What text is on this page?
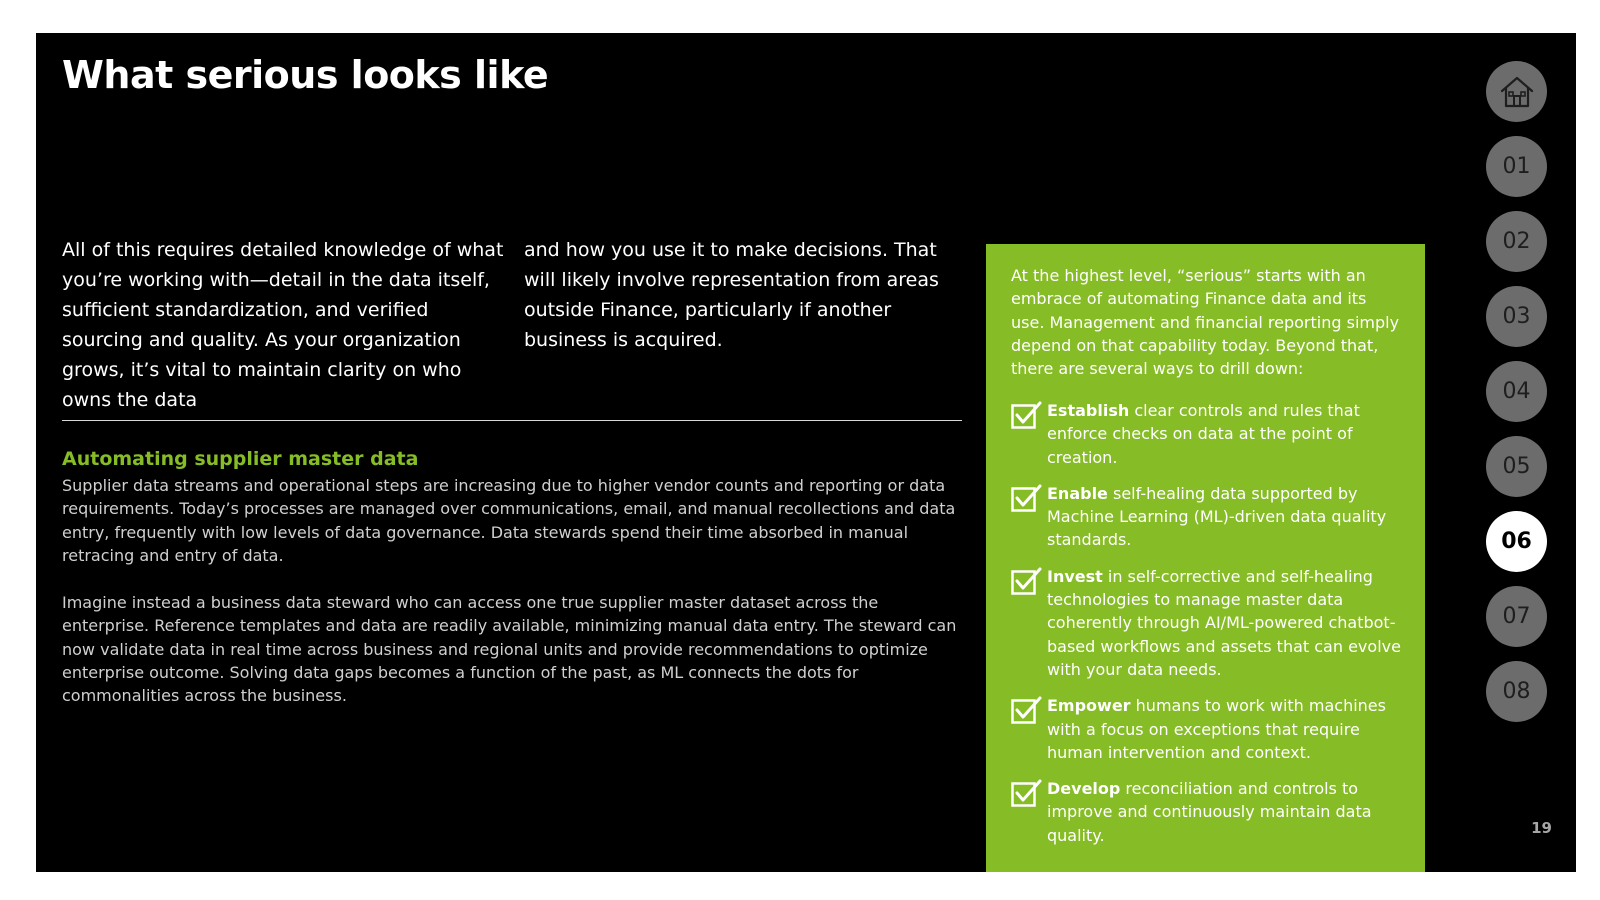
What serious looks like

All of this requires detailed knowledge of what you’re working with—detail in the data itself, sufficient standardization, and verified sourcing and quality. As your organization grows, it’s vital to maintain clarity on who owns the data

and how you use it to make decisions. That will likely involve representation from areas outside Finance, particularly if another business is acquired.

Automating supplier master data

Supplier data streams and operational steps are increasing due to higher vendor counts and reporting or data requirements. Today’s processes are managed over communications, email, and manual recollections and data entry, frequently with low levels of data governance. Data stewards spend their time absorbed in manual retracing and entry of data.

Imagine instead a business data steward who can access one true supplier master dataset across the enterprise. Reference templates and data are readily available, minimizing manual data entry. The steward can now validate data in real time across business and regional units and provide recommendations to optimize enterprise outcome. Solving data gaps becomes a function of the past, as ML connects the dots for commonalities across the business.

At the highest level, “serious” starts with an embrace of automating Finance data and its use. Management and financial reporting simply depend on that capability today. Beyond that, there are several ways to drill down:

Establish clear controls and rules that enforce checks on data at the point of creation.
Enable self-healing data supported by Machine Learning (ML)-driven data quality standards.
Invest in self-corrective and self-healing technologies to manage master data coherently through AI/ML-powered chatbot-based workflows and assets that can evolve with your data needs.
Empower humans to work with machines with a focus on exceptions that require human intervention and context.
Develop reconciliation and controls to improve and continuously maintain data quality.
01
02
03
04
05
06
07
08
19
